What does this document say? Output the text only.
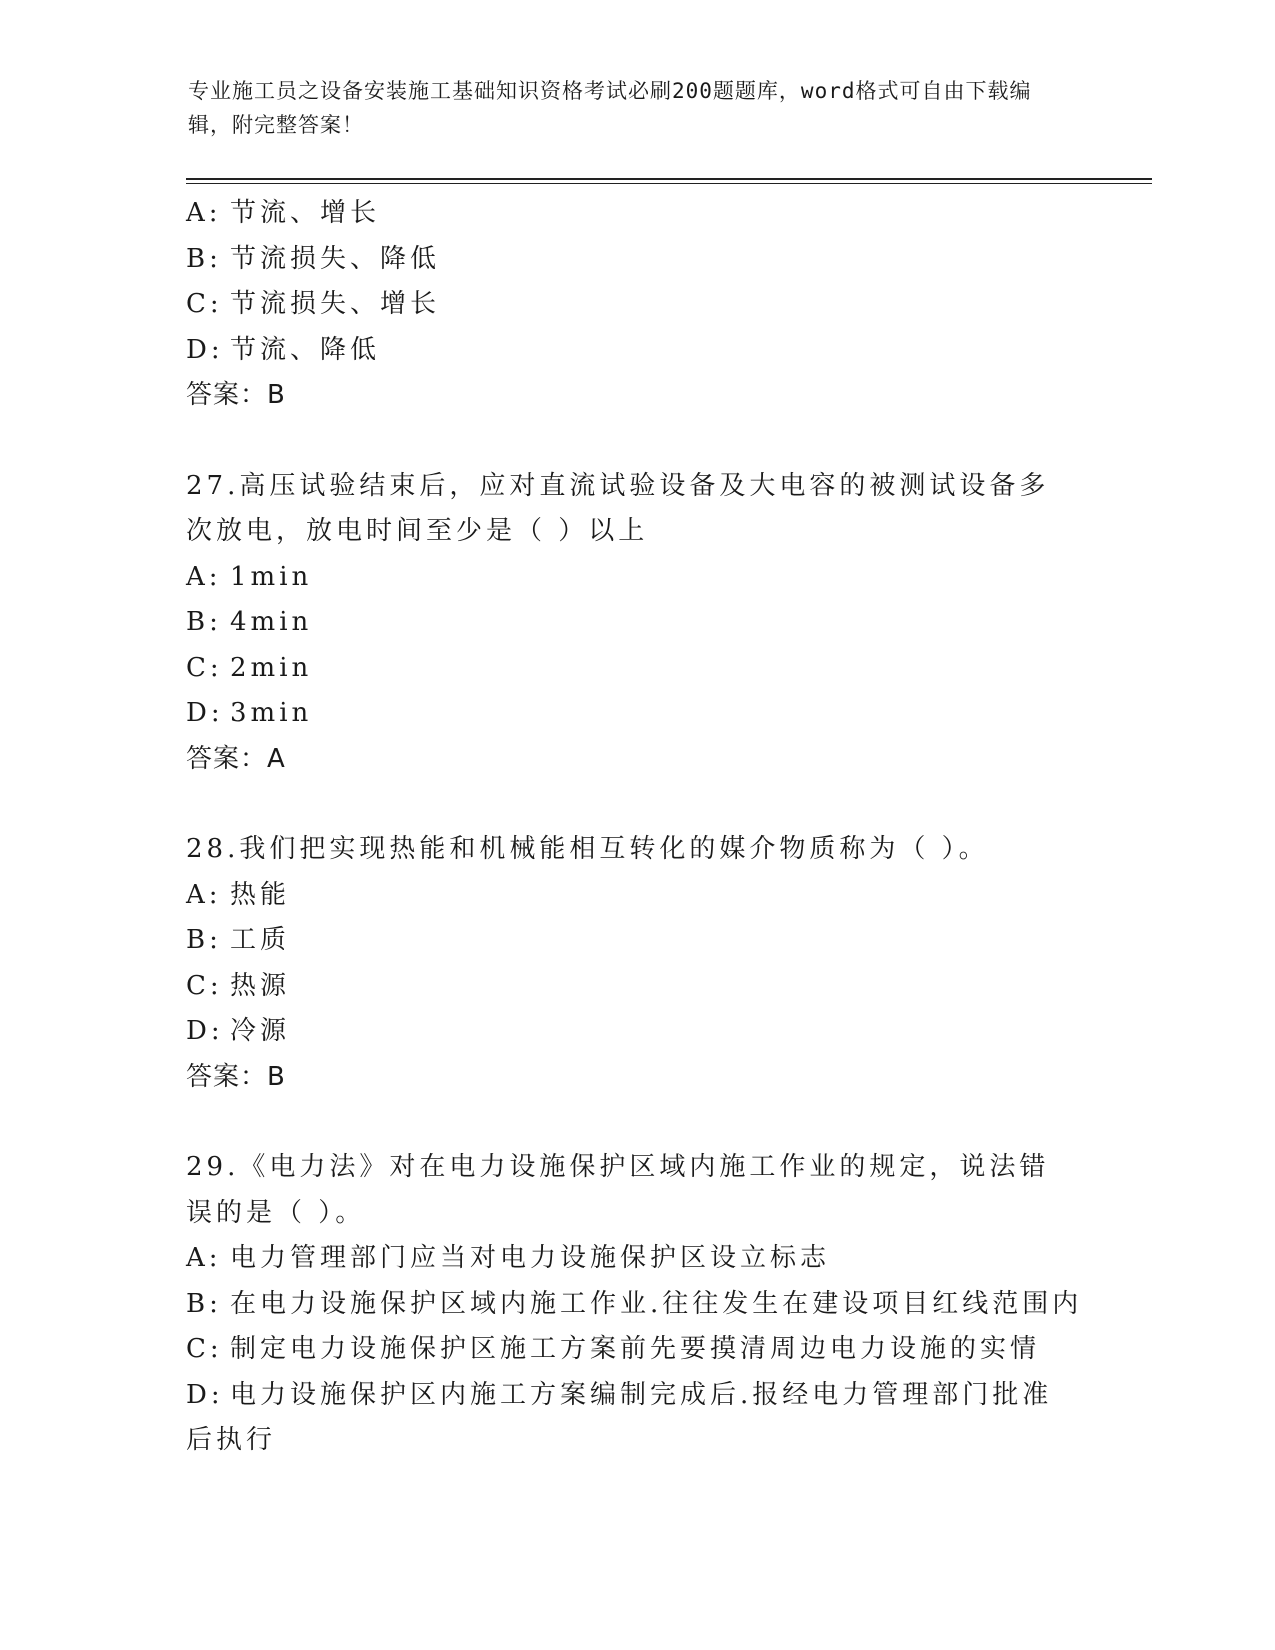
专业施工员之设备安装施工基础知识资格考试必刷200题题库，word格式可自由下载编辑，附完整答案！
A: 节流、增长
B: 节流损失、降低
C: 节流损失、增长
D: 节流、降低
答案：B
27.高压试验结束后，应对直流试验设备及大电容的被测试设备多次放电，放电时间至少是（ ）以上
A: 1min
B: 4min
C: 2min
D: 3min
答案：A
28.我们把实现热能和机械能相互转化的媒介物质称为（ ）。
A: 热能
B: 工质
C: 热源
D: 冷源
答案：B
29.《电力法》对在电力设施保护区域内施工作业的规定，说法错误的是（ ）。
A: 电力管理部门应当对电力设施保护区设立标志
B: 在电力设施保护区域内施工作业.往往发生在建设项目红线范围内
C: 制定电力设施保护区施工方案前先要摸清周边电力设施的实情
D: 电力设施保护区内施工方案编制完成后.报经电力管理部门批准后执行
